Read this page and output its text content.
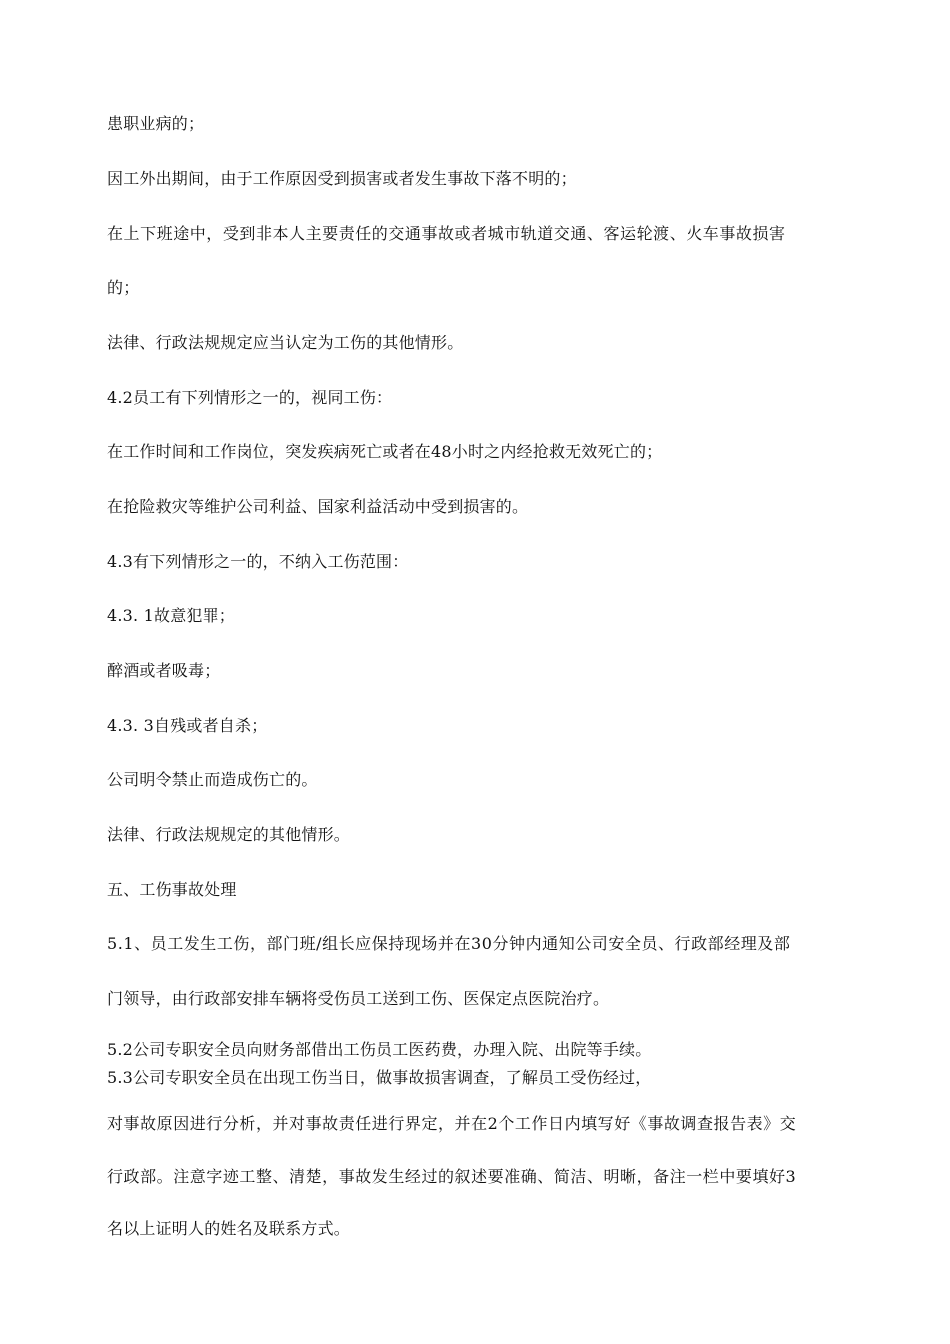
患职业病的；
因工外出期间，由于工作原因受到损害或者发生事故下落不明的；
在上下班途中，受到非本人主要责任的交通事故或者城市轨道交通、客运轮渡、火车事故损害
的；
法律、行政法规规定应当认定为工伤的其他情形。
4.2员工有下列情形之一的，视同工伤：
在工作时间和工作岗位，突发疾病死亡或者在48小时之内经抢救无效死亡的；
在抢险救灾等维护公司利益、国家利益活动中受到损害的。
4.3有下列情形之一的，不纳入工伤范围：
4.3. 1故意犯罪；
醉酒或者吸毒；
4.3. 3自残或者自杀；
公司明令禁止而造成伤亡的。
法律、行政法规规定的其他情形。
五、工伤事故处理
5.1、员工发生工伤，部门班/组长应保持现场并在30分钟内通知公司安全员、行政部经理及部
门领导，由行政部安排车辆将受伤员工送到工伤、医保定点医院治疗。
5.2公司专职安全员向财务部借出工伤员工医药费，办理入院、出院等手续。
5.3公司专职安全员在出现工伤当日，做事故损害调查，了解员工受伤经过，
对事故原因进行分析，并对事故责任进行界定，并在2个工作日内填写好《事故调查报告表》交
行政部。注意字迹工整、清楚，事故发生经过的叙述要准确、简洁、明晰，备注一栏中要填好3
名以上证明人的姓名及联系方式。
